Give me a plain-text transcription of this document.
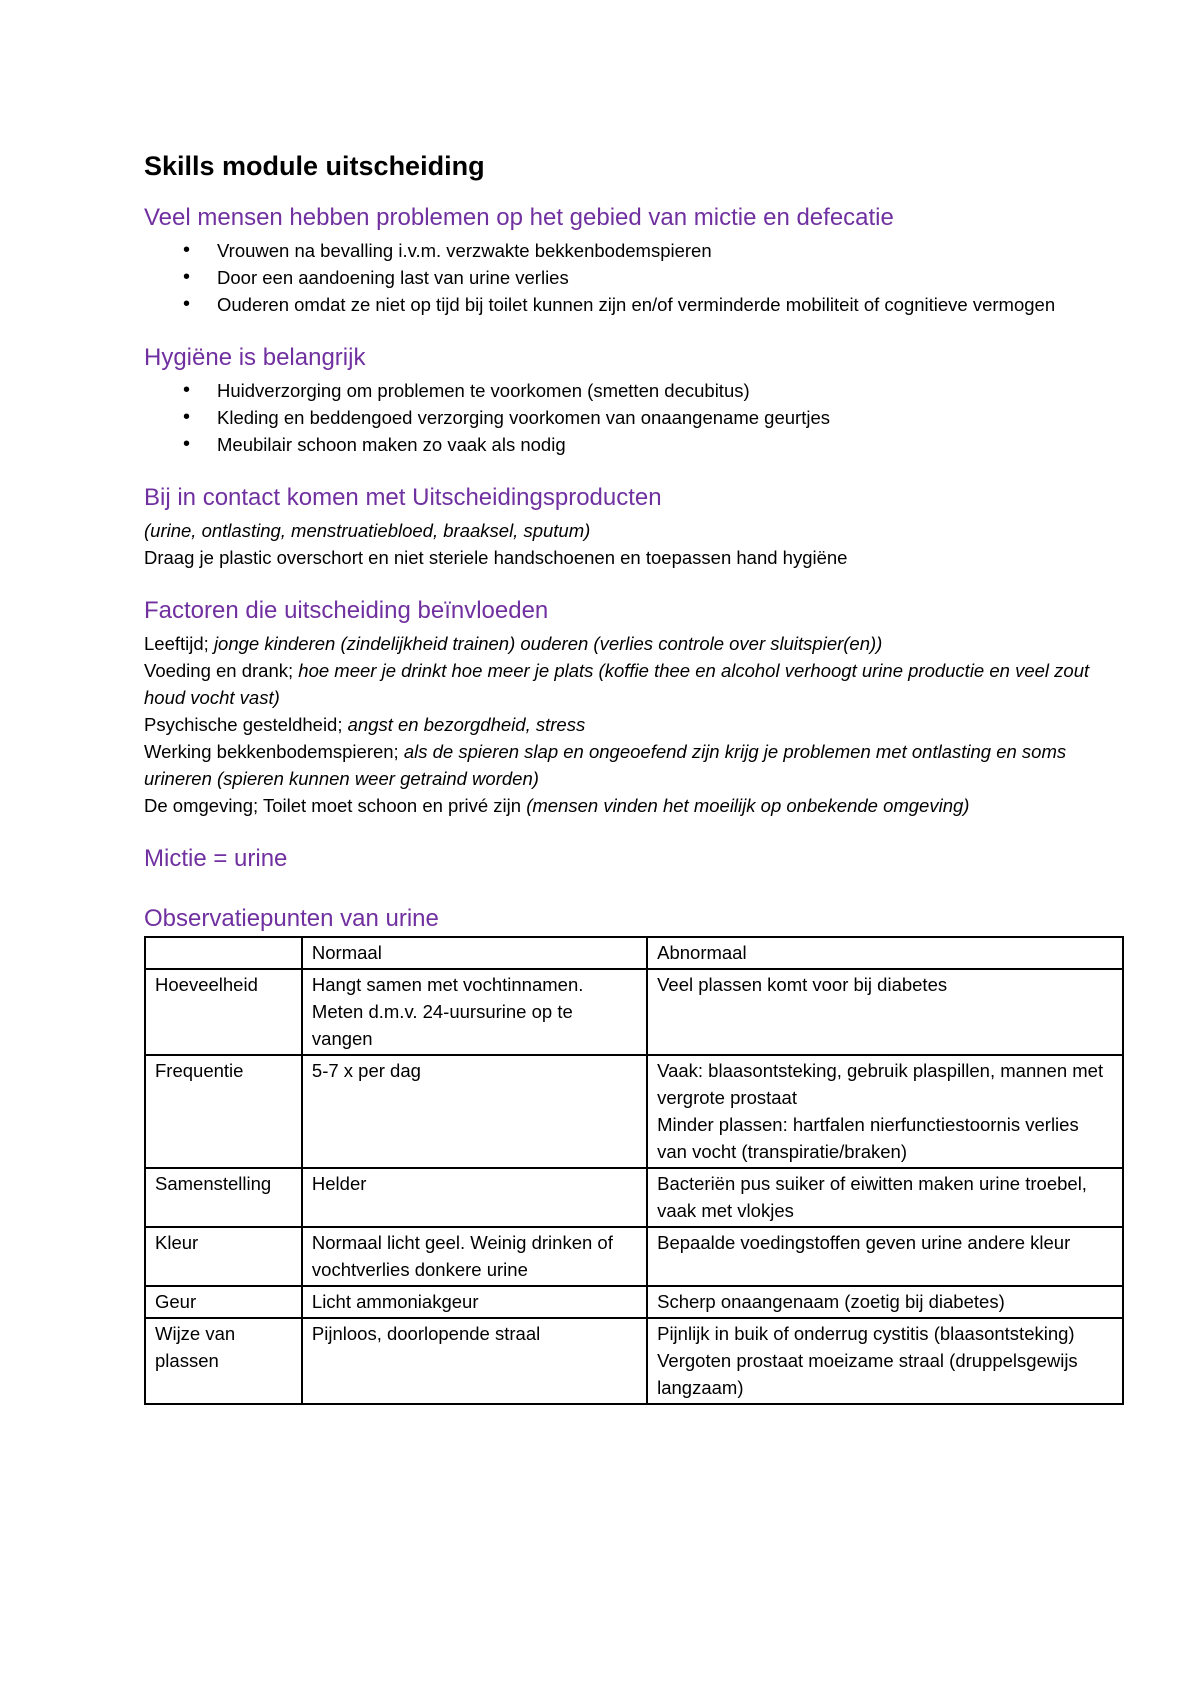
Skills module uitscheiding
Veel mensen hebben problemen op het gebied van mictie en defecatie
• Vrouwen na bevalling i.v.m. verzwakte bekkenbodemspieren
• Door een aandoening last van urine verlies
• Ouderen omdat ze niet op tijd bij toilet kunnen zijn en/of verminderde mobiliteit of cognitieve vermogen
Hygiëne is belangrijk
• Huidverzorging om problemen te voorkomen (smetten decubitus)
• Kleding en beddengoed verzorging voorkomen van onaangename geurtjes
• Meubilair schoon maken zo vaak als nodig
Bij in contact komen met Uitscheidingsproducten

(urine, ontlasting, menstruatiebloed, braaksel, sputum)

Draag je plastic overschort en niet steriele handschoenen en toepassen hand hygiëne

Factoren die uitscheiding beïnvloeden

Leeftijd; jonge kinderen (zindelijkheid trainen) ouderen (verlies controle over sluitspier(en))

Voeding en drank; hoe meer je drinkt hoe meer je plats (koffie thee en alcohol verhoogt urine productie en veel zout houd vocht vast)

Psychische gesteldheid; angst en bezorgdheid, stress

Werking bekkenbodemspieren; als de spieren slap en ongeoefend zijn krijg je problemen met ontlasting en soms urineren (spieren kunnen weer getraind worden)

De omgeving; Toilet moet schoon en privé zijn (mensen vinden het moeilijk op onbekende omgeving)

Mictie = urine
Observatiepunten van urine
	Normaal	Abnormaal
Hoeveelheid	Hangt samen met vochtinnamen. Meten d.m.v. 24-uursurine op te vangen	Veel plassen komt voor bij diabetes

Frequentie	5-7 x per dag	Vaak: blaasontsteking, gebruik plaspillen, mannen met vergrote prostaat
Minder plassen: hartfalen nierfunctiestoornis verlies van vocht (transpiratie/braken)

Samenstelling	Helder	Bacteriën pus suiker of eiwitten maken urine troebel, vaak met vlokjes

Kleur	Normaal licht geel. Weinig drinken of vochtverlies donkere urine	Bepaalde voedingstoffen geven urine andere kleur

Geur	Licht ammoniakgeur	Scherp onaangenaam (zoetig bij diabetes)

Wijze van plassen	Pijnloos, doorlopende straal	Pijnlijk in buik of onderrug cystitis (blaasontsteking)
Vergoten prostaat moeizame straal (druppelsgewijs langzaam)
